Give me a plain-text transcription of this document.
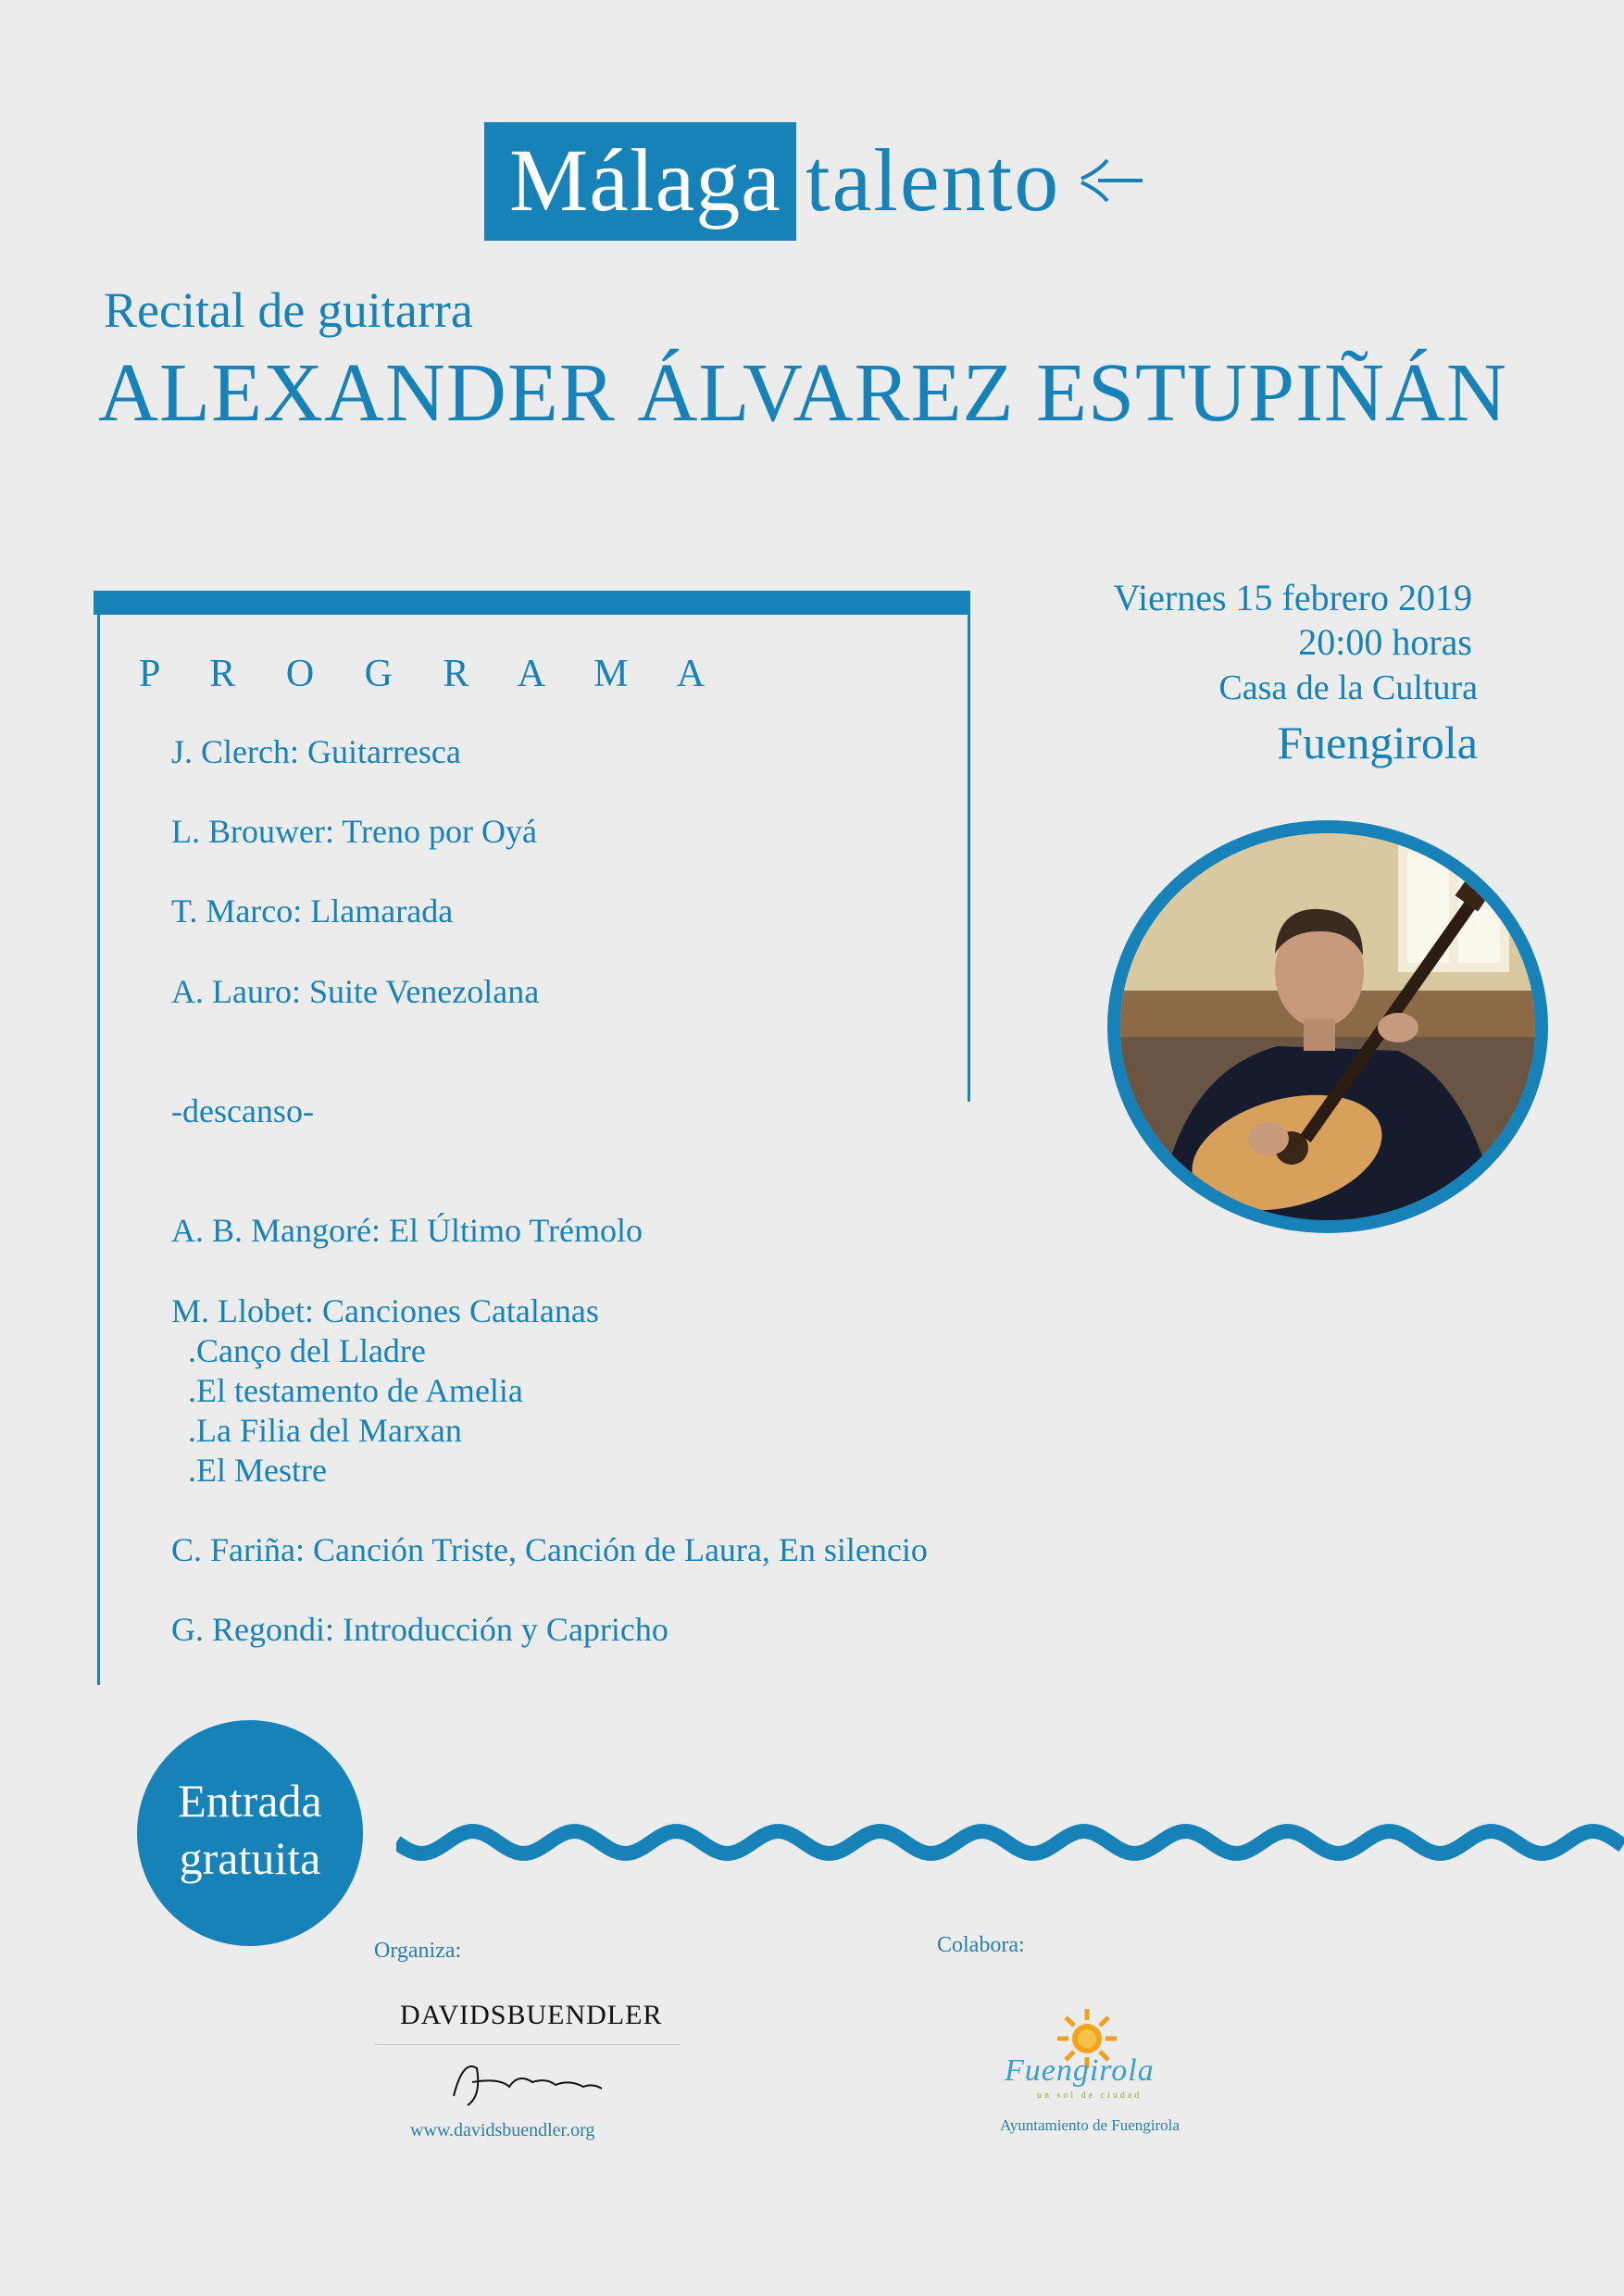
Málaga talento
Recital de guitarra
ALEXANDER ÁLVAREZ ESTUPIÑÁN
P R O G R A M A
J. Clerch: Guitarresca
L. Brouwer: Treno por Oyá
T. Marco: Llamarada
A. Lauro: Suite Venezolana
-descanso-
A. B. Mangoré: El Último Trémolo
M. Llobet: Canciones Catalanas
.Canço del Lladre
.El testamento de Amelia
.La Filia del Marxan
.El Mestre
C. Fariña: Canción Triste, Canción de Laura, En silencio
G. Regondi: Introducción y Capricho
Viernes 15 febrero 2019
20:00 horas
Casa de la Cultura
Fuengirola
Entrada
gratuita
Organiza:	Colabora:
DAVIDSBUENDLER
www.davidsbuendler.org
Fuengirola
un sol de ciudad
Ayuntamiento de Fuengirola
